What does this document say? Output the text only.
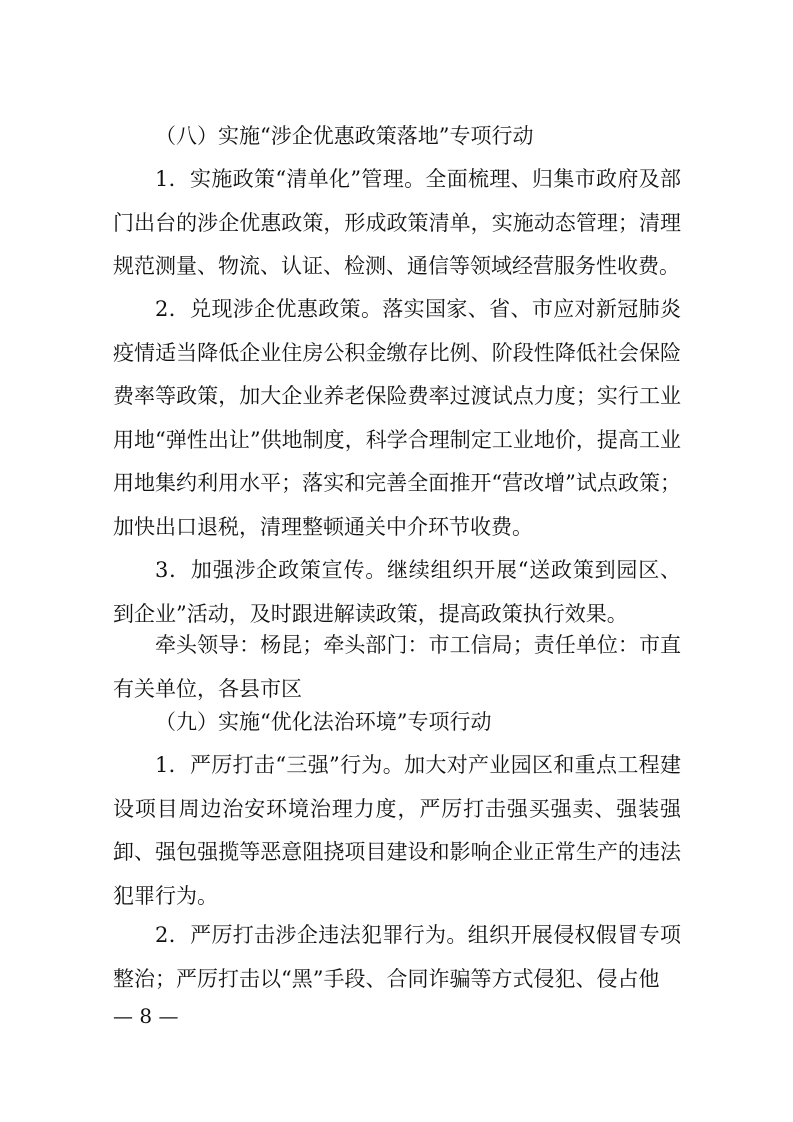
（八）实施“涉企优惠政策落地”专项行动

1．实施政策“清单化”管理。全面梳理、归集市政府及部门出台的涉企优惠政策，形成政策清单，实施动态管理；清理规范测量、物流、认证、检测、通信等领域经营服务性收费。

2．兑现涉企优惠政策。落实国家、省、市应对新冠肺炎疫情适当降低企业住房公积金缴存比例、阶段性降低社会保险费率等政策，加大企业养老保险费率过渡试点力度；实行工业用地“弹性出让”供地制度，科学合理制定工业地价，提高工业用地集约利用水平；落实和完善全面推开“营改增”试点政策；加快出口退税，清理整顿通关中介环节收费。

3．加强涉企政策宣传。继续组织开展“送政策到园区、到企业”活动，及时跟进解读政策，提高政策执行效果。

牵头领导：杨昆；牵头部门：市工信局；责任单位：市直有关单位，各县市区

（九）实施“优化法治环境”专项行动

1．严厉打击“三强”行为。加大对产业园区和重点工程建设项目周边治安环境治理力度，严厉打击强买强卖、强装强卸、强包强揽等恶意阻挠项目建设和影响企业正常生产的违法犯罪行为。

2．严厉打击涉企违法犯罪行为。组织开展侵权假冒专项整治；严厉打击以“黑”手段、合同诈骗等方式侵犯、侵占他

— 8 —
